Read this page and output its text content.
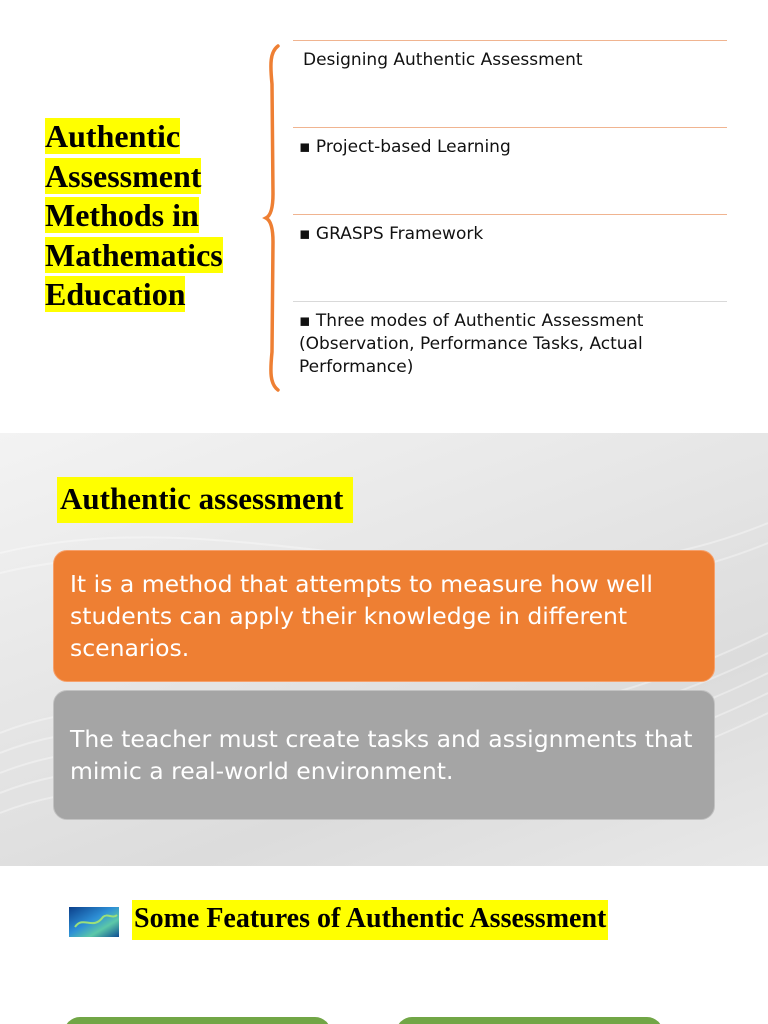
Authentic Assessment Methods in Mathematics Education
Designing Authentic Assessment
▪ Project-based Learning
▪ GRASPS Framework
▪ Three modes of Authentic Assessment (Observation, Performance Tasks, Actual Performance)
Authentic assessment
It is a method that attempts to measure how well students can apply their knowledge in different scenarios.
The teacher must create tasks and assignments that mimic a real-world environment.
Some Features of Authentic Assessment
